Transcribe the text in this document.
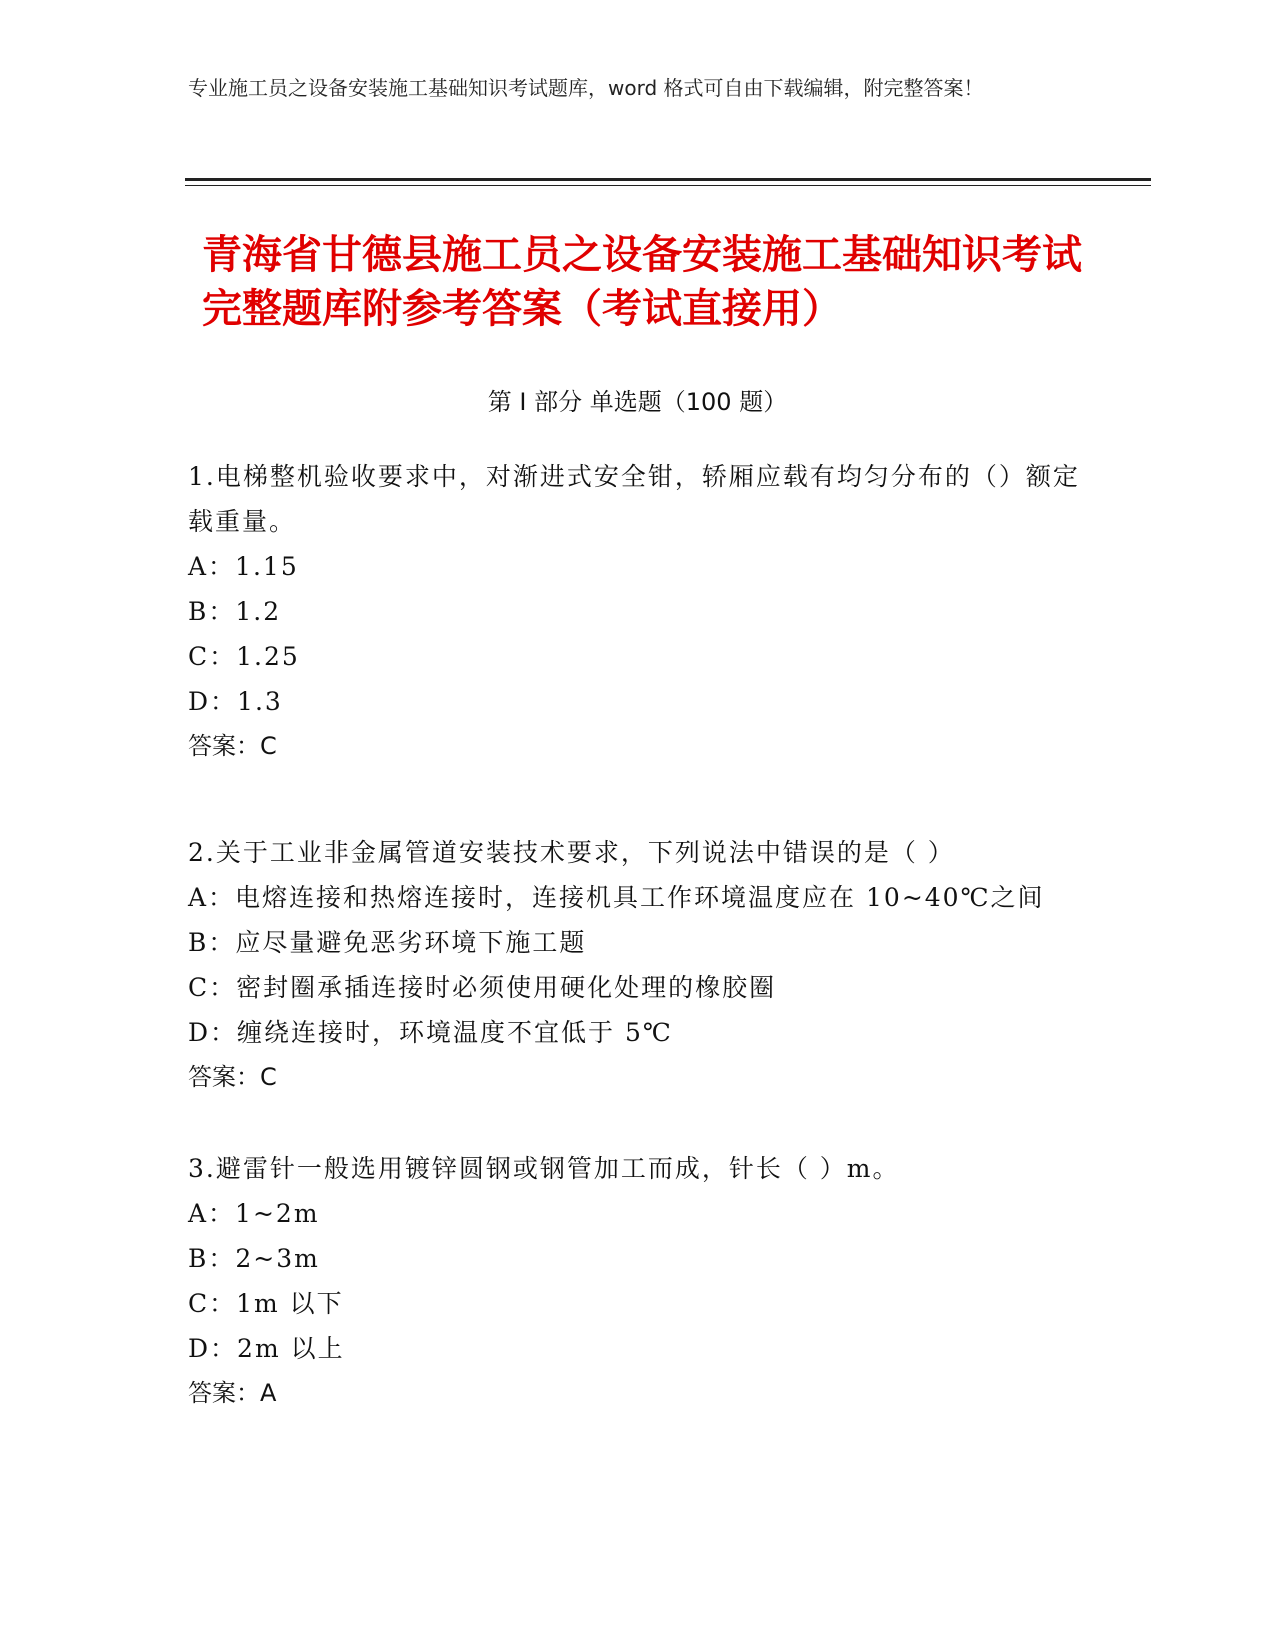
专业施工员之设备安装施工基础知识考试题库，word 格式可自由下载编辑，附完整答案！
青海省甘德县施工员之设备安装施工基础知识考试完整题库附参考答案（考试直接用）
第 I 部分 单选题（100 题）

1.电梯整机验收要求中，对渐进式安全钳，轿厢应载有均匀分布的（）额定载重量。

A：1.15

B：1.2

C：1.25

D：1.3

答案：C

2.关于工业非金属管道安装技术要求，下列说法中错误的是（ ）

A：电熔连接和热熔连接时，连接机具工作环境温度应在 10~40℃之间

B：应尽量避免恶劣环境下施工题

C：密封圈承插连接时必须使用硬化处理的橡胶圈

D：缠绕连接时，环境温度不宜低于 5℃

答案：C

3.避雷针一般选用镀锌圆钢或钢管加工而成，针长（ ）m。

A：1~2m

B：2~3m

C：1m 以下

D：2m 以上

答案：A
